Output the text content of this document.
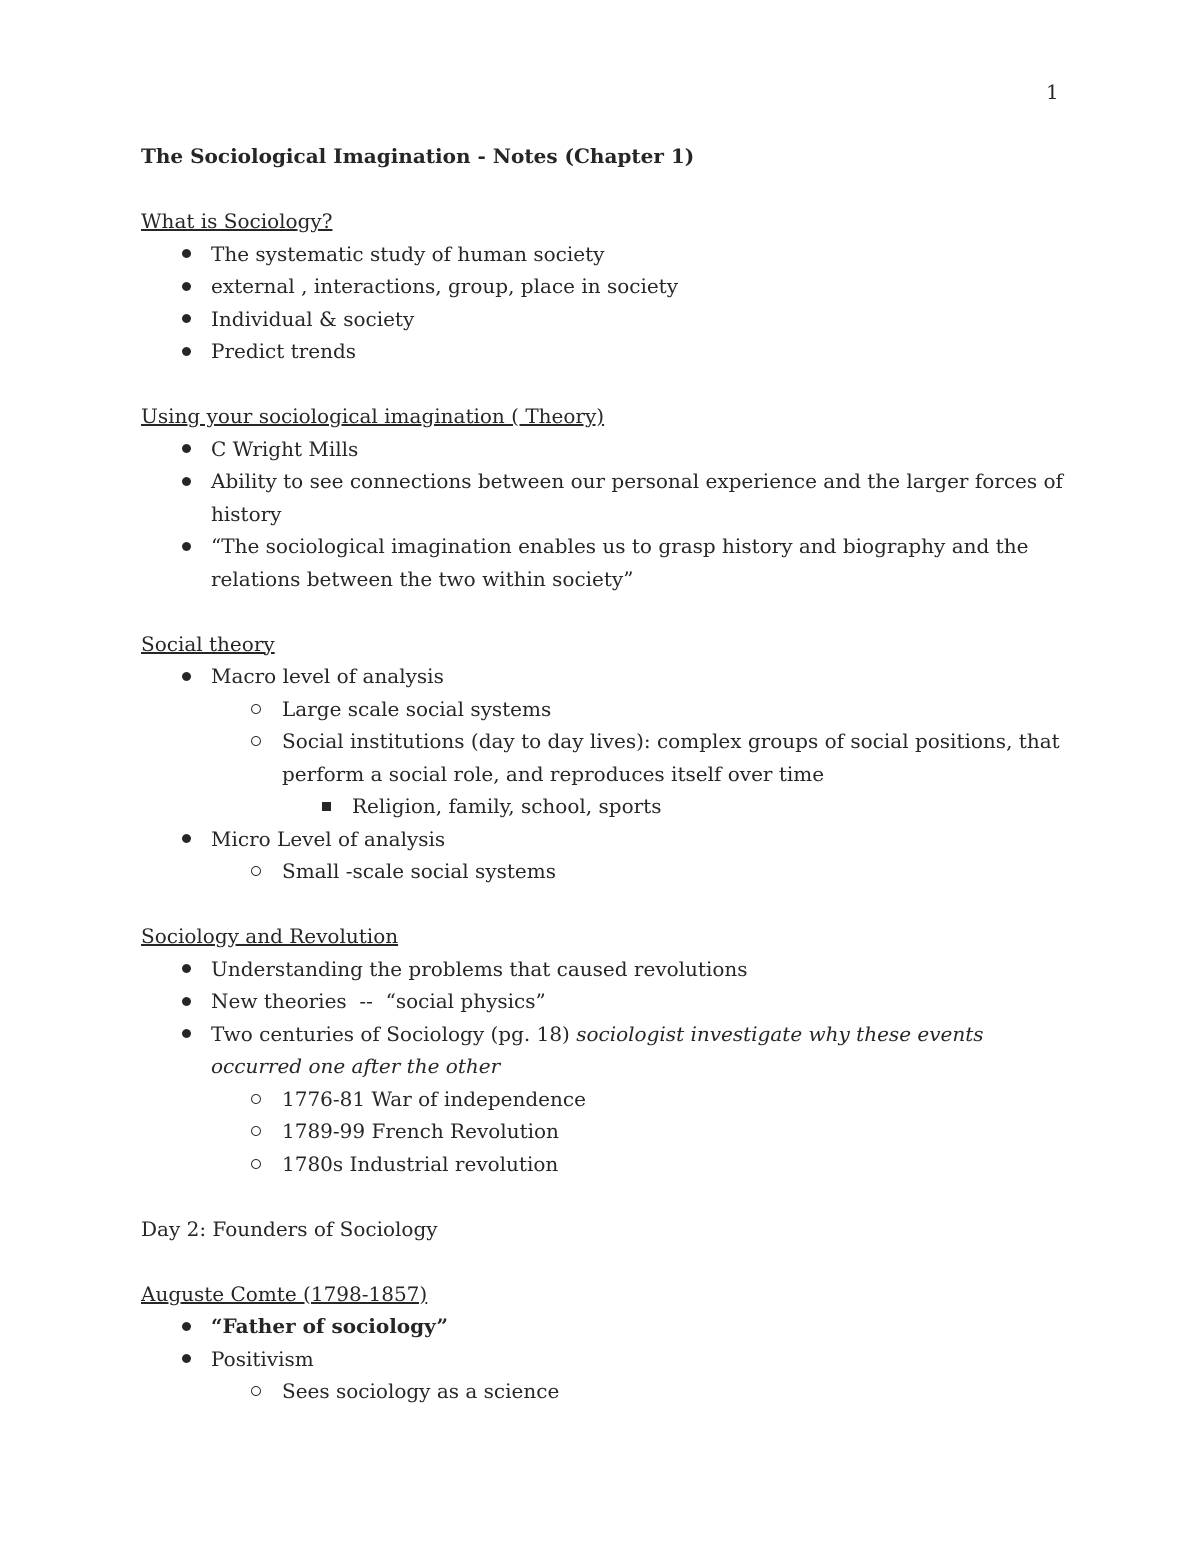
1

The Sociological Imagination - Notes (Chapter 1)

What is Sociology?

The systematic study of human society
external , interactions, group, place in society
Individual & society
Predict trends

Using your sociological imagination ( Theory)

C Wright Mills
Ability to see connections between our personal experience and the larger forces of history
“The sociological imagination enables us to grasp history and biography and the relations between the two within society”

Social theory

Macro level of analysis
Large scale social systems
Social institutions (day to day lives): complex groups of social positions, that perform a social role, and reproduces itself over time
Religion, family, school, sports
Micro Level of analysis
Small -scale social systems

Sociology and Revolution

Understanding the problems that caused revolutions
New theories  --  “social physics”
Two centuries of Sociology (pg. 18) sociologist investigate why these events occurred one after the other
1776-81 War of independence
1789-99 French Revolution
1780s Industrial revolution

Day 2: Founders of Sociology

Auguste Comte (1798-1857)

“Father of sociology”
Positivism
Sees sociology as a science
